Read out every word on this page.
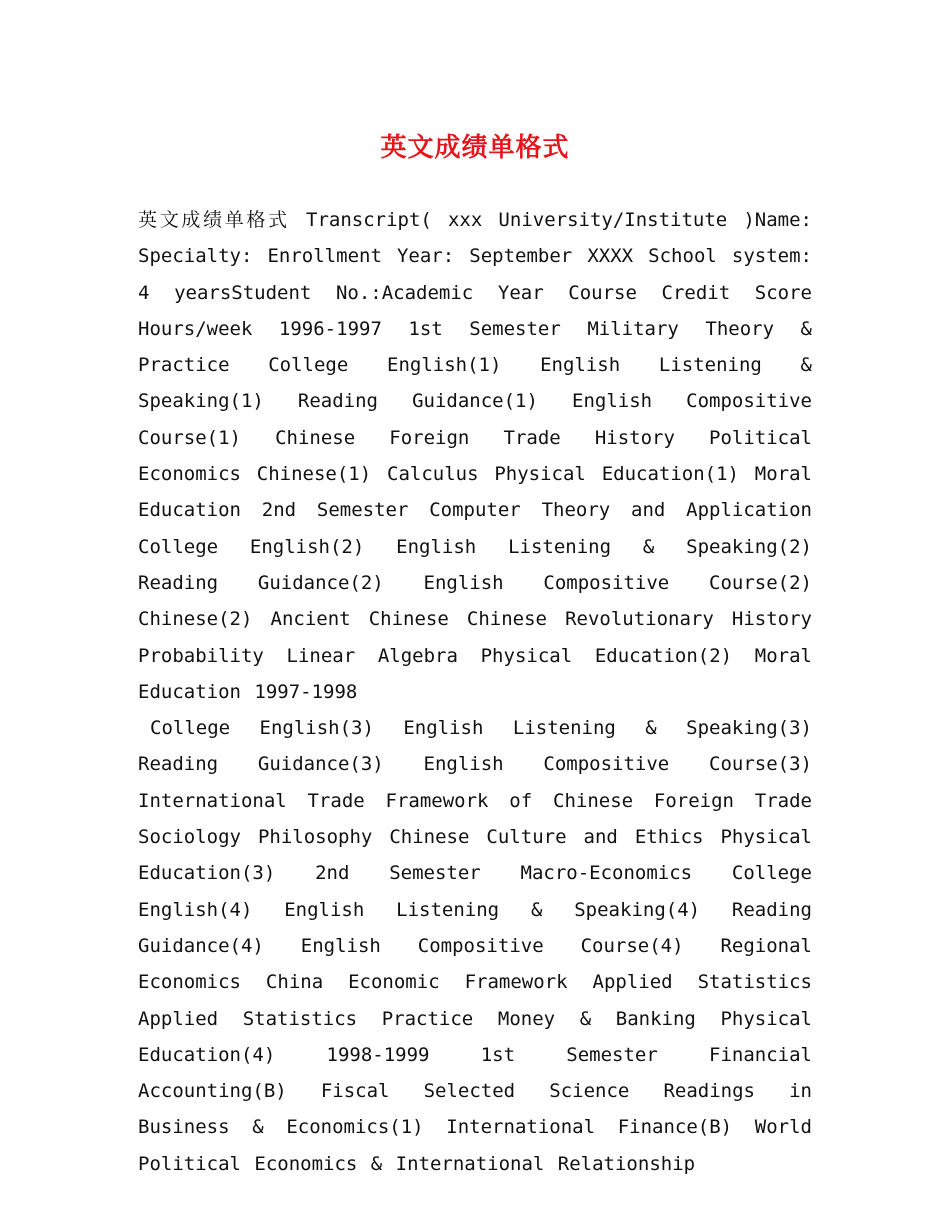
英文成绩单格式

英文成绩单格式 Transcript( xxx University/Institute )Name: Specialty: Enrollment Year: September XXXX School system: 4 yearsStudent No.:Academic Year Course Credit Score Hours/week 1996-1997 1st Semester Military Theory & Practice College English(1) English Listening & Speaking(1) Reading Guidance(1) English Compositive Course(1) Chinese Foreign Trade History Political Economics Chinese(1) Calculus Physical Education(1) Moral Education 2nd Semester Computer Theory and Application College English(2) English Listening & Speaking(2) Reading Guidance(2) English Compositive Course(2) Chinese(2) Ancient Chinese Chinese Revolutionary History Probability Linear Algebra Physical Education(2) Moral Education 1997-1998

College English(3) English Listening & Speaking(3) Reading Guidance(3) English Compositive Course(3) International Trade Framework of Chinese Foreign Trade Sociology Philosophy Chinese Culture and Ethics Physical Education(3) 2nd Semester Macro-Economics College English(4) English Listening & Speaking(4) Reading Guidance(4) English Compositive Course(4) Regional Economics China Economic Framework Applied Statistics Applied Statistics Practice Money & Banking Physical Education(4) 1998-1999 1st Semester Financial Accounting(B) Fiscal Selected Science Readings in Business & Economics(1) International Finance(B) World Political Economics & International Relationship
